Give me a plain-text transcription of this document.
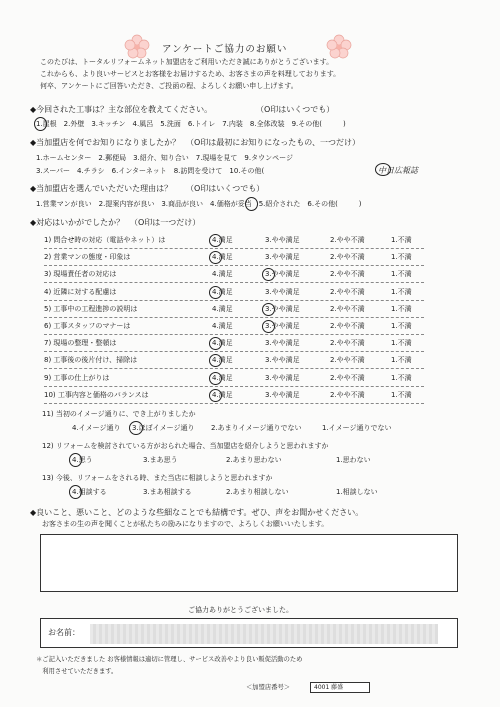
アンケートご協力のお願い
このたびは、トータルリフォームネット加盟店をご利用いただき誠にありがとうございます。
これからも、より良いサービスとお客様をお届けするため、お客さまの声を料理しております。
何卒、アンケートにご回答いただき、ご投函の程、よろしくお願い申し上げます。
◆今回された工事は？主な部位を教えてください。	（O印はいくつでも）
1.屋根　2.外壁　3.キッチン　4.風呂　5.洗面　6.トイレ　7.内装　8.全体改装　9.その他(　　　)
◆当加盟店を何でお知りになりましたか？ （O印は最初にお知りになったもの、一つだけ）
1.ホームセンター　2.郵便局　3.紹介、知り合い　7.現場を見て　9.タウンページ
3.スーパー　4.チラシ　6.インターネット　8.訪問を受けて　10.その他(	中日広報誌
◆当加盟店を選んでいただいた理由は？ （O印はいくつでも）
1.営業マンが良い　2.提案内容が良い　3.商品が良い　4.価格が妥当　5.紹介された　6.その他(　　　)
◆対応はいかがでしたか？ （O印は一つだけ）
1) 問合せ時の対応（電話やネット）は	4.満足	3.やや満足	2.やや不満	1.不満
2) 営業マンの態度・印象は	4.満足	3.やや満足	2.やや不満	1.不満
3) 現場責任者の対応は	4.満足	3.やや満足	2.やや不満	1.不満
4) 近隣に対する配慮は	4.満足	3.やや満足	2.やや不満	1.不満
5) 工事中の工程進捗の説明は	4.満足	3.やや満足	2.やや不満	1.不満
6) 工事スタッフのマナーは	4.満足	3.やや満足	2.やや不満	1.不満
7) 現場の整理・整頓は	4.満足	3.やや満足	2.やや不満	1.不満
8) 工事後の後片付け、掃除は	4.満足	3.やや満足	2.やや不満	1.不満
9) 工事の仕上がりは	4.満足	3.やや満足	2.やや不満	1.不満
10) 工事内容と価格のバランスは	4.満足	3.やや満足	2.やや不満	1.不満
11) 当初のイメージ通りに、でき上がりましたか
4.イメージ通り 3.ほぼイメージ通り 2.あまりイメージ通りでない	1.イメージ通りでない
12) リフォームを検討されている方がおられた場合、当加盟店を紹介しようと思われますか
4.思う	3.まあ思う	2.あまり思わない	1.思わない
13) 今後、リフォームをされる時、また当店に相談しようと思われますか
4.相談する	3.まあ相談する	2.あまり相談しない	1.相談しない
◆良いこと、悪いこと、どのような些細なことでも結構です。ぜひ、声をお聞かせください。
お客さまの生の声を聞くことが私たちの励みになりますので、よろしくお願いいたします。
ご協力ありがとうございました。
お名前：
＊ご記入いただきました お客様情報は適切に管理し、サービス改善やより良い販促活動のため
　利用させていただきます。
＜加盟店番号＞	4001 藤盛
